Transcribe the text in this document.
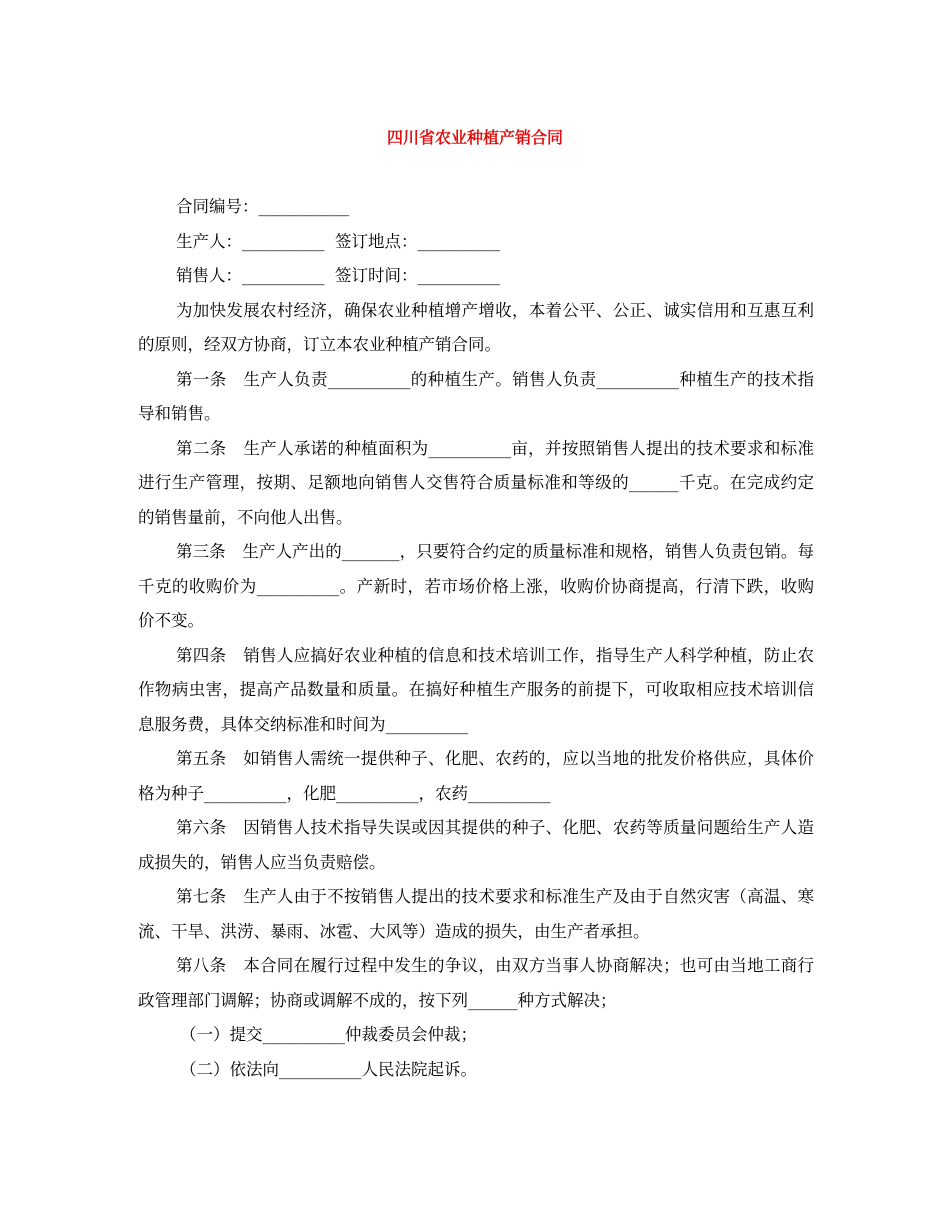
四川省农业种植产销合同

合同编号：___________

生产人：__________  签订地点：__________

销售人：__________  签订时间：__________

为加快发展农村经济，确保农业种植增产增收，本着公平、公正、诚实信用和互惠互利的原则，经双方协商，订立本农业种植产销合同。

第一条　生产人负责__________的种植生产。销售人负责__________种植生产的技术指导和销售。

第二条　生产人承诺的种植面积为__________亩，并按照销售人提出的技术要求和标准进行生产管理，按期、足额地向销售人交售符合质量标准和等级的______千克。在完成约定的销售量前，不向他人出售。

第三条　生产人产出的_______，只要符合约定的质量标准和规格，销售人负责包销。每千克的收购价为__________。产新时，若市场价格上涨，收购价协商提高，行清下跌，收购价不变。

第四条　销售人应搞好农业种植的信息和技术培训工作，指导生产人科学种植，防止农作物病虫害，提高产品数量和质量。在搞好种植生产服务的前提下，可收取相应技术培训信息服务费，具体交纳标准和时间为__________

第五条　如销售人需统一提供种子、化肥、农药的，应以当地的批发价格供应，具体价格为种子__________，化肥__________，农药__________

第六条　因销售人技术指导失误或因其提供的种子、化肥、农药等质量问题给生产人造成损失的，销售人应当负责赔偿。

第七条　生产人由于不按销售人提出的技术要求和标准生产及由于自然灾害（高温、寒流、干旱、洪涝、暴雨、冰雹、大风等）造成的损失，由生产者承担。

第八条　本合同在履行过程中发生的争议，由双方当事人协商解决；也可由当地工商行政管理部门调解；协商或调解不成的，按下列______种方式解决；

（一）提交__________仲裁委员会仲裁；

（二）依法向__________人民法院起诉。
